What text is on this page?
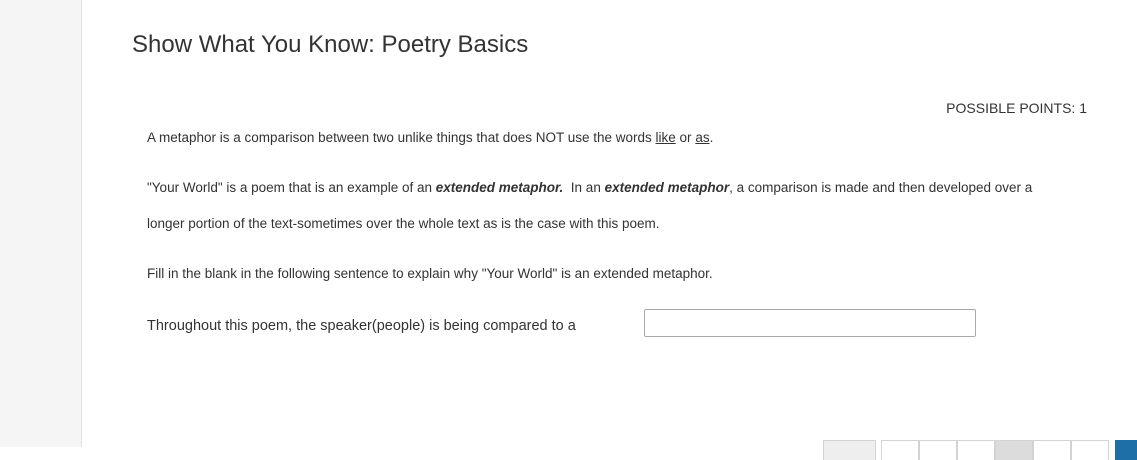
Show What You Know: Poetry Basics
POSSIBLE POINTS: 1
A metaphor is a comparison between two unlike things that does NOT use the words like or as.
"Your World" is a poem that is an example of an extended metaphor.  In an extended metaphor, a comparison is made and then developed over a
longer portion of the text-sometimes over the whole text as is the case with this poem.
Fill in the blank in the following sentence to explain why "Your World" is an extended metaphor.
Throughout this poem, the speaker(people) is being compared to a
